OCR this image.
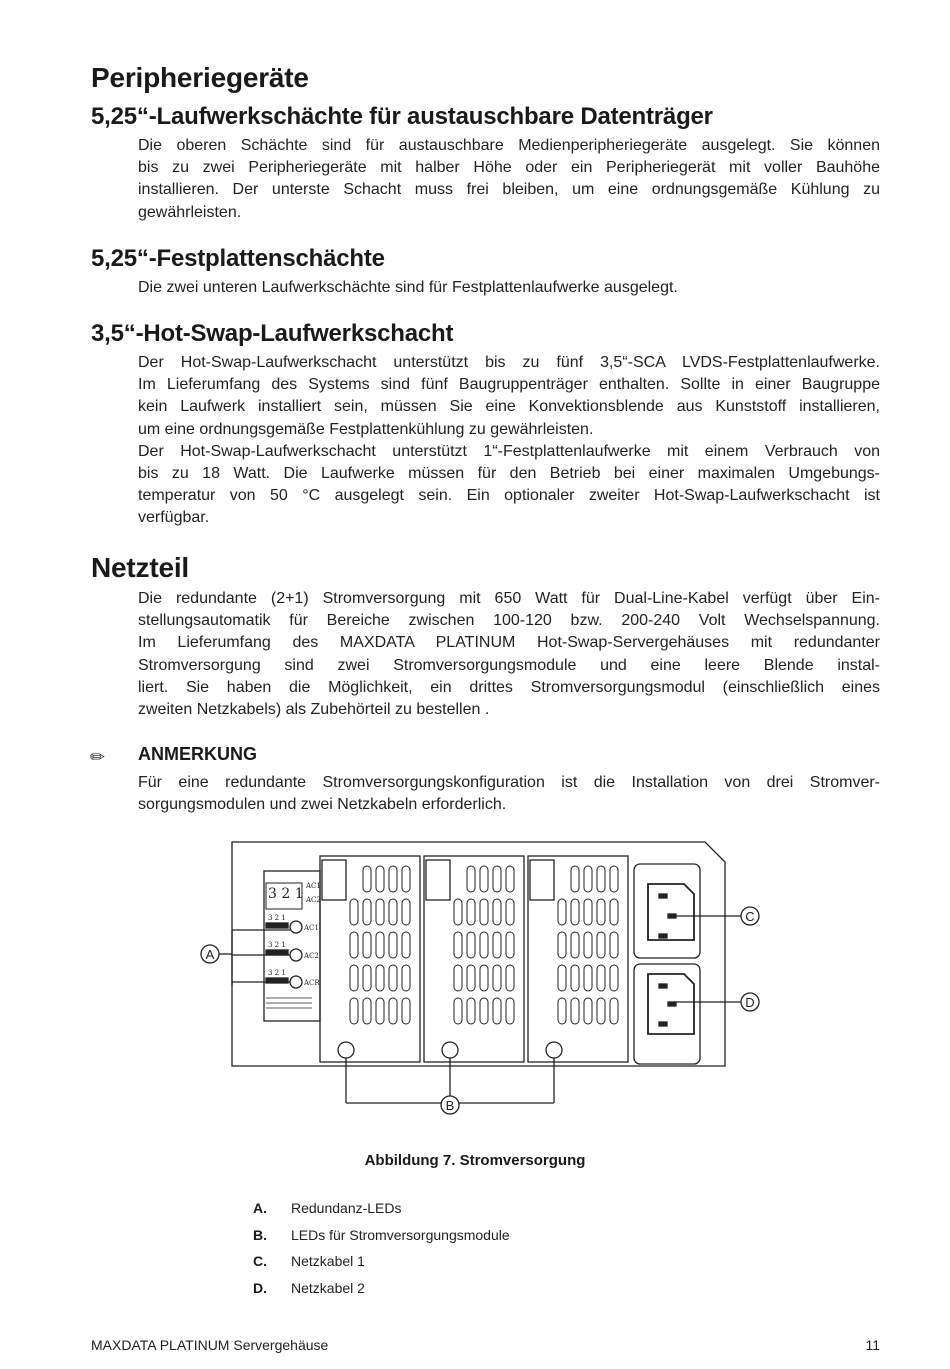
Peripheriegeräte
5,25“-Laufwerkschächte für austauschbare Datenträger
Die oberen Schächte sind für austauschbare Medienperipheriegeräte ausgelegt. Sie können
bis zu zwei Peripheriegeräte mit halber Höhe oder ein Peripheriegerät mit voller Bauhöhe
installieren. Der unterste Schacht muss frei bleiben, um eine ordnungsgemäße Kühlung zu
gewährleisten.
5,25“-Festplattenschächte
Die zwei unteren Laufwerkschächte sind für Festplattenlaufwerke ausgelegt.
3,5“-Hot-Swap-Laufwerkschacht
Der Hot-Swap-Laufwerkschacht unterstützt bis zu fünf 3,5“-SCA LVDS-Festplattenlaufwerke.
Im Lieferumfang des Systems sind fünf Baugruppenträger enthalten. Sollte in einer Baugruppe
kein Laufwerk installiert sein, müssen Sie eine Konvektionsblende aus Kunststoff installieren,
um eine ordnungsgemäße Festplattenkühlung zu gewährleisten.
Der Hot-Swap-Laufwerkschacht unterstützt 1“-Festplattenlaufwerke mit einem Verbrauch von
bis zu 18 Watt. Die Laufwerke müssen für den Betrieb bei einer maximalen Umgebungs-
temperatur von 50 °C ausgelegt sein. Ein optionaler zweiter Hot-Swap-Laufwerkschacht ist
verfügbar.
Netzteil
Die redundante (2+1) Stromversorgung mit 650 Watt für Dual-Line-Kabel verfügt über Ein-
stellungsautomatik für Bereiche zwischen 100-120 bzw. 200-240 Volt Wechselspannung.
Im Lieferumfang des MAXDATA PLATINUM Hot-Swap-Servergehäuses mit redundanter
Stromversorgung sind zwei Stromversorgungsmodule und eine leere Blende instal-
liert. Sie haben die Möglichkeit, ein drittes Stromversorgungsmodul (einschließlich eines
zweiten Netzkabels) als Zubehörteil zu bestellen .
✏ ANMERKUNG
Für eine redundante Stromversorgungskonfiguration ist die Installation von drei Stromver-
sorgungsmodulen und zwei Netzkabeln erforderlich.
3 2 1 AC1
AC2
3 2 1
3 2 1
3 2 1
AC1
AC2
ACR
A
B
C
D
Abbildung 7. Stromversorgung
A. Redundanz-LEDs
B. LEDs für Stromversorgungsmodule
C. Netzkabel 1
D. Netzkabel 2
MAXDATA PLATINUM Servergehäuse	11
